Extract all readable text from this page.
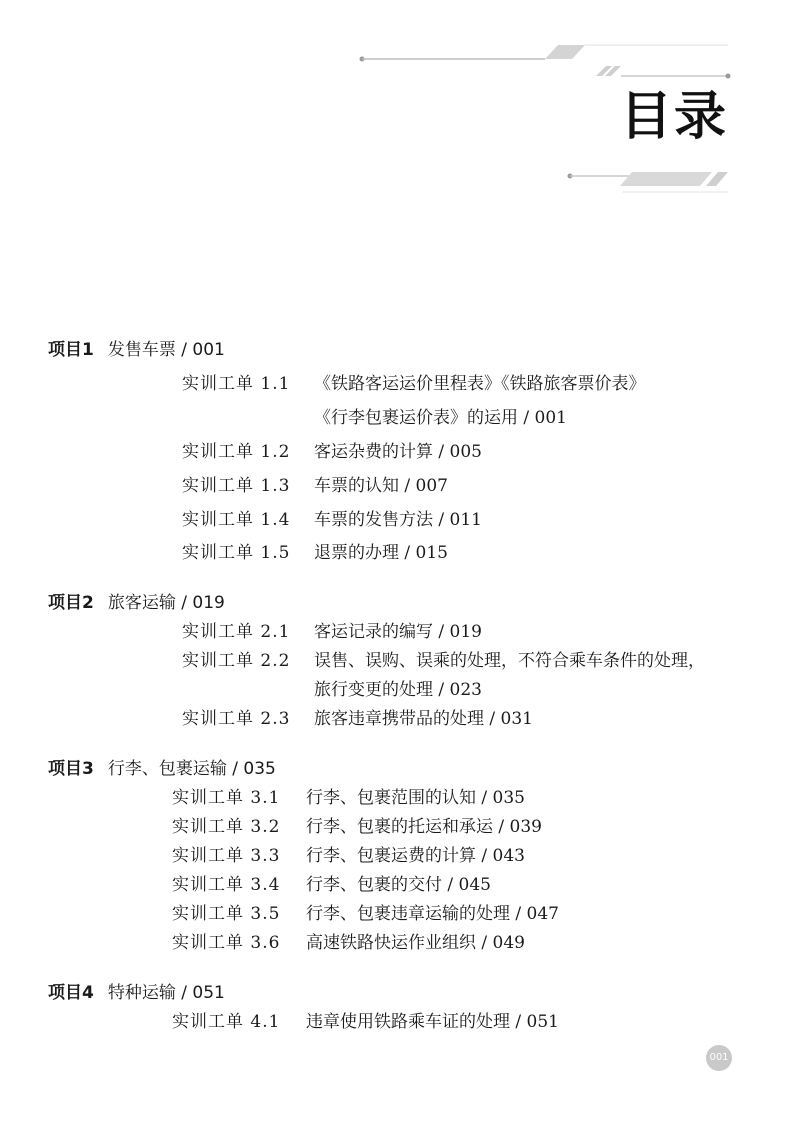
目录
项目1 发售车票 / 001
实训工单 1.1 《铁路客运运价里程表》《铁路旅客票价表》
《行李包裹运价表》的运用 / 001
实训工单 1.2 客运杂费的计算 / 005
实训工单 1.3 车票的认知 / 007
实训工单 1.4 车票的发售方法 / 011
实训工单 1.5 退票的办理 / 015
项目2 旅客运输 / 019
实训工单 2.1 客运记录的编写 / 019
实训工单 2.2 误售、误购、误乘的处理，不符合乘车条件的处理，
旅行变更的处理 / 023
实训工单 2.3 旅客违章携带品的处理 / 031
项目3 行李、包裹运输 / 035
实训工单 3.1 行李、包裹范围的认知 / 035
实训工单 3.2 行李、包裹的托运和承运 / 039
实训工单 3.3 行李、包裹运费的计算 / 043
实训工单 3.4 行李、包裹的交付 / 045
实训工单 3.5 行李、包裹违章运输的处理 / 047
实训工单 3.6 高速铁路快运作业组织 / 049
项目4 特种运输 / 051
实训工单 4.1 违章使用铁路乘车证的处理 / 051
001
